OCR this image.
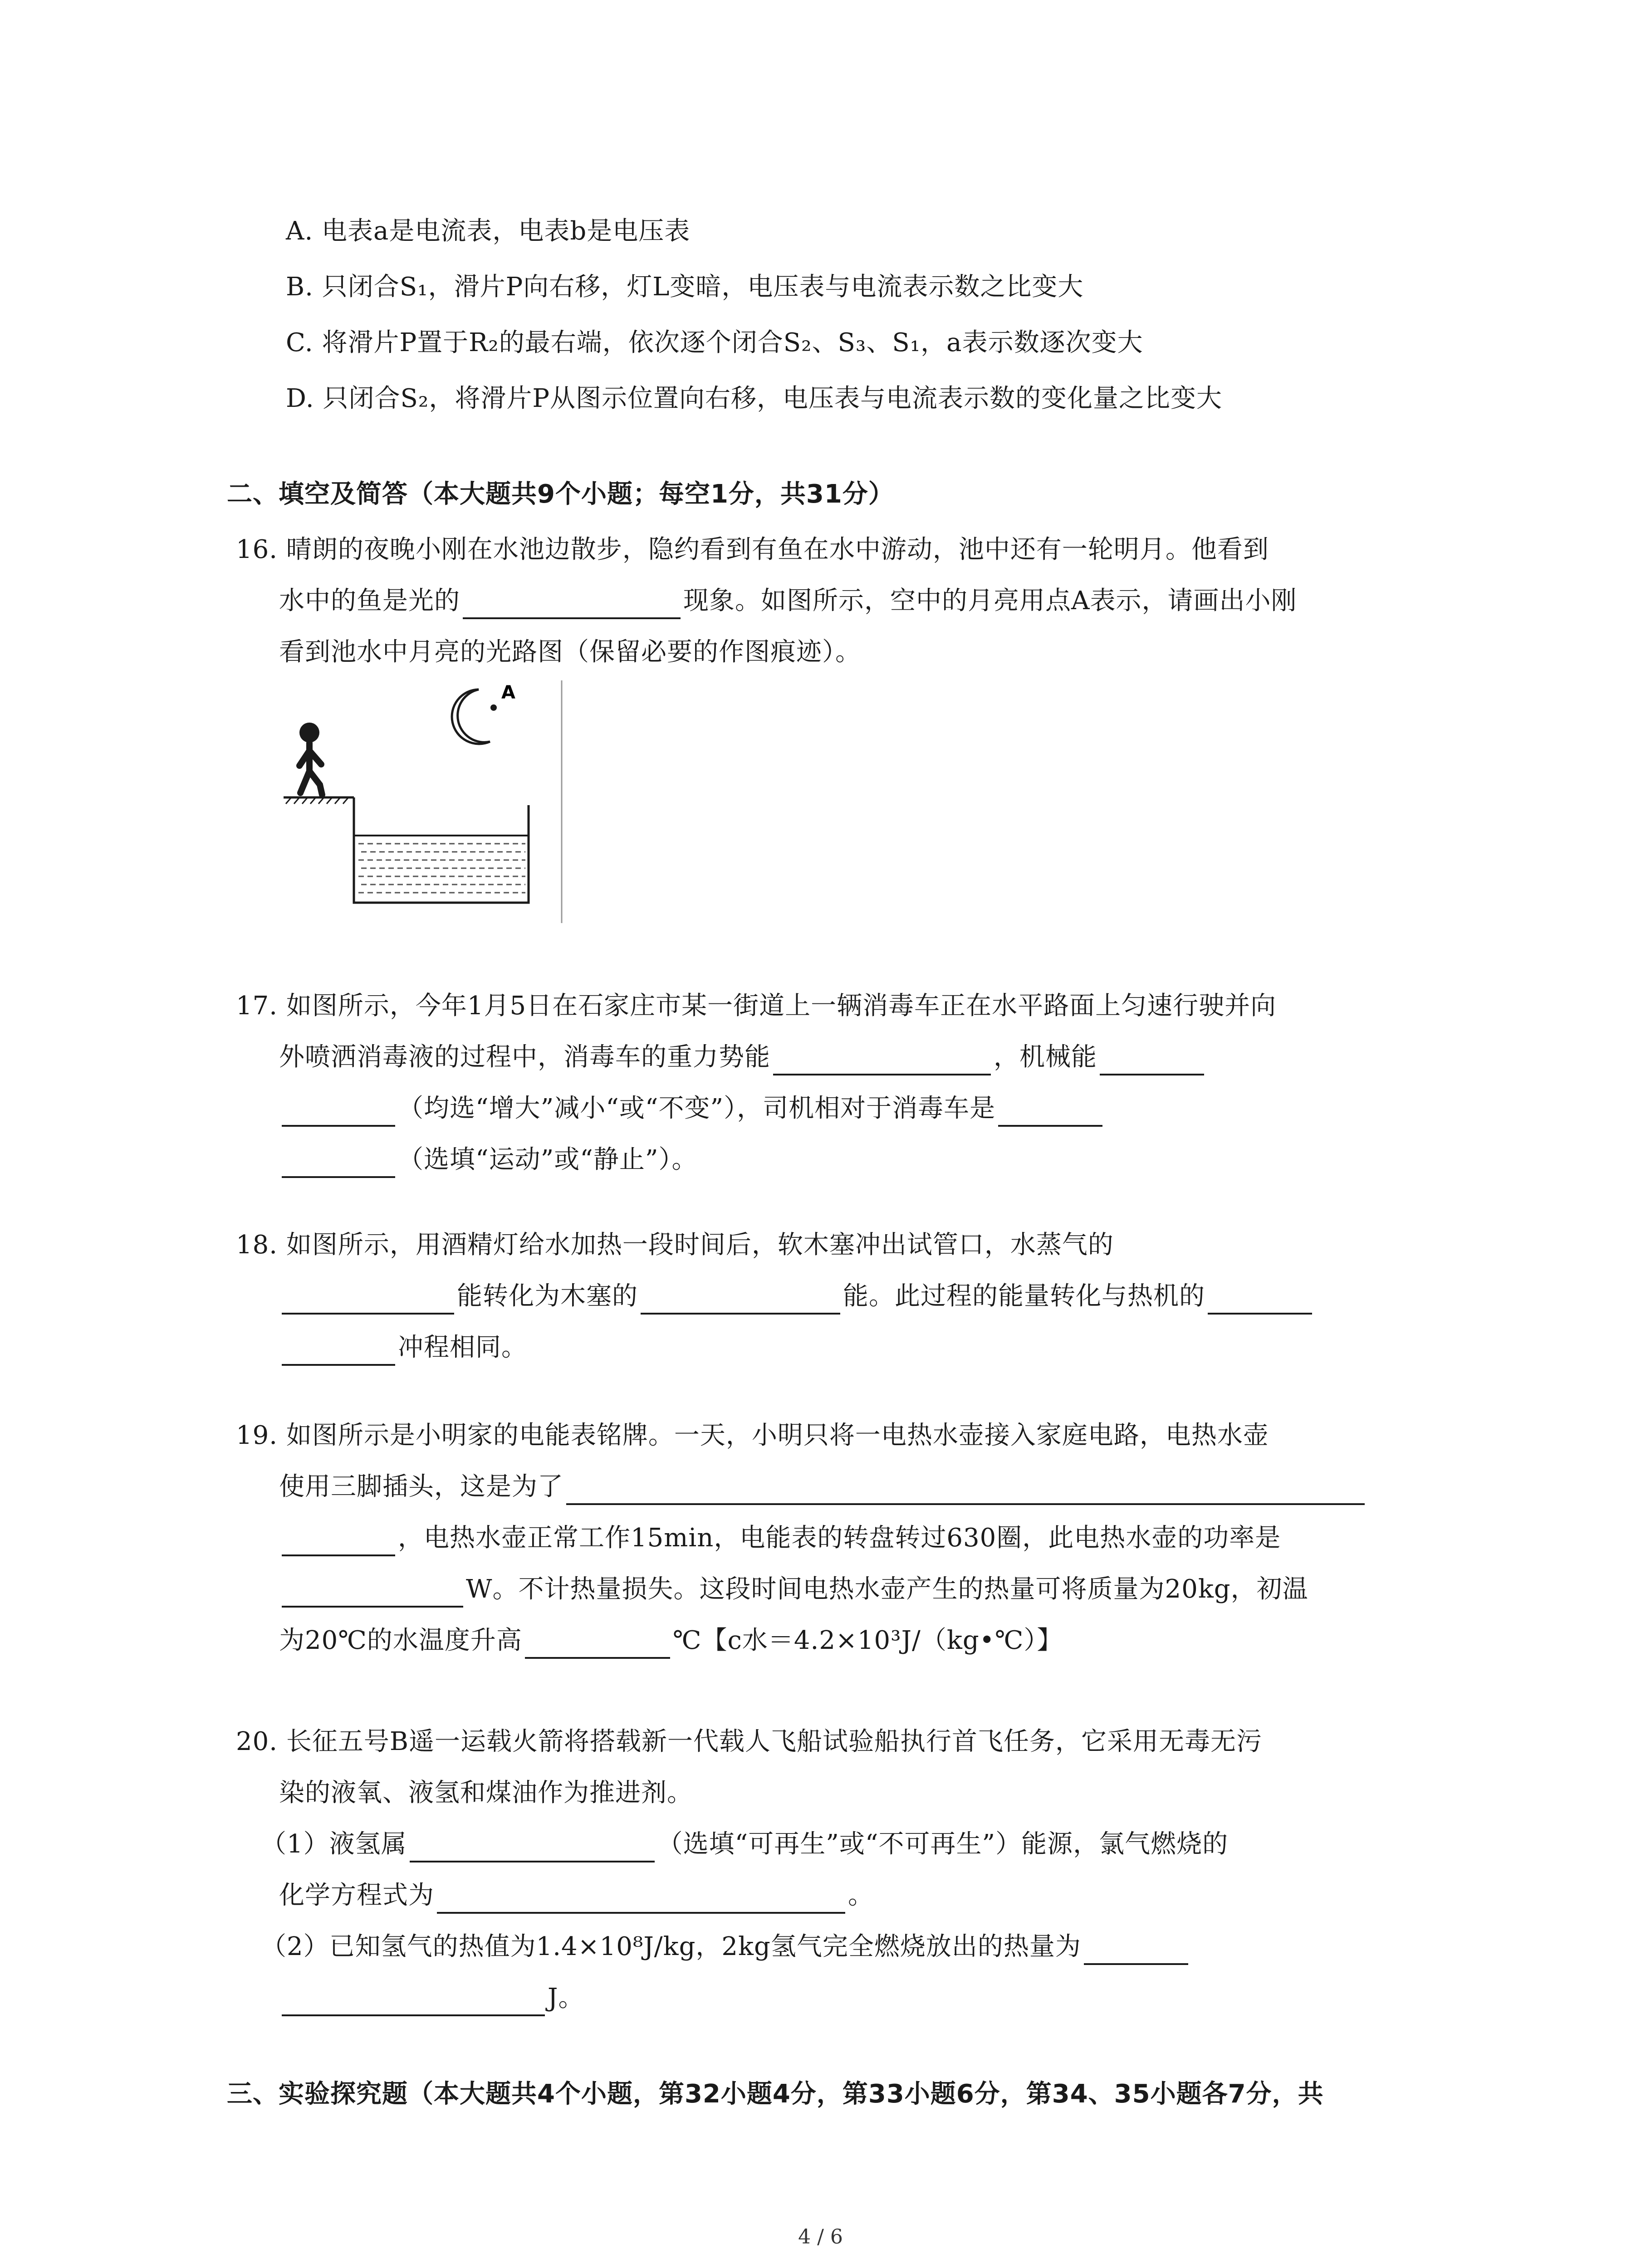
A. 电表a是电流表，电表b是电压表
B. 只闭合S₁，滑片P向右移，灯L变暗，电压表与电流表示数之比变大
C. 将滑片P置于R₂的最右端，依次逐个闭合S₂、S₃、S₁，a表示数逐次变大
D. 只闭合S₂，将滑片P从图示位置向右移，电压表与电流表示数的变化量之比变大
二、填空及简答（本大题共9个小题；每空1分，共31分）
16. 晴朗的夜晚小刚在水池边散步，隐约看到有鱼在水中游动，池中还有一轮明月。他看到
水中的鱼是光的	现象。如图所示，空中的月亮用点A表示，请画出小刚
看到池水中月亮的光路图（保留必要的作图痕迹）。
A
17. 如图所示，今年1月5日在石家庄市某一街道上一辆消毒车正在水平路面上匀速行驶并向
外喷洒消毒液的过程中，消毒车的重力势能	，机械能
（均选“增大”减小“或“不变”），司机相对于消毒车是
（选填“运动”或“静止”）。
18. 如图所示，用酒精灯给水加热一段时间后，软木塞冲出试管口，水蒸气的
能转化为木塞的	能。此过程的能量转化与热机的
冲程相同。
19. 如图所示是小明家的电能表铭牌。一天，小明只将一电热水壶接入家庭电路，电热水壶
使用三脚插头，这是为了
，电热水壶正常工作15min，电能表的转盘转过630圈，此电热水壶的功率是
W。不计热量损失。这段时间电热水壶产生的热量可将质量为20kg，初温
为20℃的水温度升高	℃【c水＝4.2×10³J/（kg•℃）】
20. 长征五号B遥一运载火箭将搭载新一代载人飞船试验船执行首飞任务，它采用无毒无污
染的液氧、液氢和煤油作为推进剂。
（1）液氢属	（选填“可再生”或“不可再生”）能源，氯气燃烧的
化学方程式为	。
（2）已知氢气的热值为1.4×10⁸J/kg，2kg氢气完全燃烧放出的热量为
J。
三、实验探究题（本大题共4个小题，第32小题4分，第33小题6分，第34、35小题各7分，共
4 / 6
